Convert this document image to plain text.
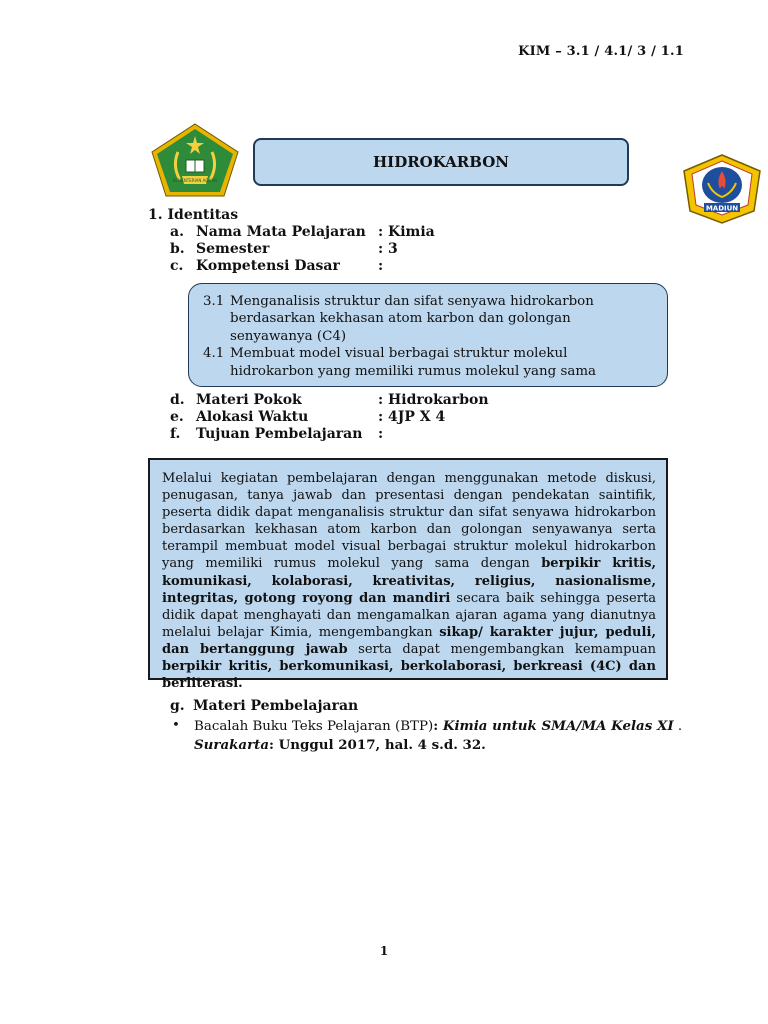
KIM – 3.1 / 4.1/ 3 / 1.1
KEMENTERIAN AGAMA
HIDROKARBON
MADIUN
1. Identitas
a. Nama Mata Pelajaran : Kimia
b. Semester	: 3
c. Kompetensi Dasar	:
3.1 Menganalisis struktur dan sifat senyawa hidrokarbon berdasarkan kekhasan atom karbon dan golongan senyawanya (C4)
4.1 Membuat model visual berbagai struktur molekul hidrokarbon yang memiliki rumus molekul yang sama
d. Materi Pokok	: Hidrokarbon
e. Alokasi Waktu	: 4JP X 4
f.	Tujuan Pembelajaran	:
Melalui kegiatan pembelajaran dengan menggunakan metode diskusi, penugasan, tanya jawab dan presentasi dengan pendekatan saintifik, peserta didik dapat menganalisis struktur dan sifat senyawa hidrokarbon berdasarkan kekhasan atom karbon dan golongan senyawanya serta terampil membuat model visual berbagai struktur molekul hidrokarbon yang memiliki rumus molekul yang sama dengan berpikir kritis, komunikasi, kolaborasi, kreativitas, religius, nasionalisme, integritas, gotong royong dan mandiri secara baik sehingga peserta didik dapat menghayati dan mengamalkan ajaran agama yang dianutnya melalui belajar Kimia, mengembangkan sikap/ karakter jujur, peduli, dan bertanggung jawab serta dapat mengembangkan kemampuan berpikir kritis, berkomunikasi, berkolaborasi, berkreasi (4C) dan berliterasi.
g. Materi Pembelajaran
•	Bacalah Buku Teks Pelajaran (BTP): Kimia untuk SMA/MA Kelas XI . Surakarta: Unggul 2017, hal. 4 s.d. 32.
1
